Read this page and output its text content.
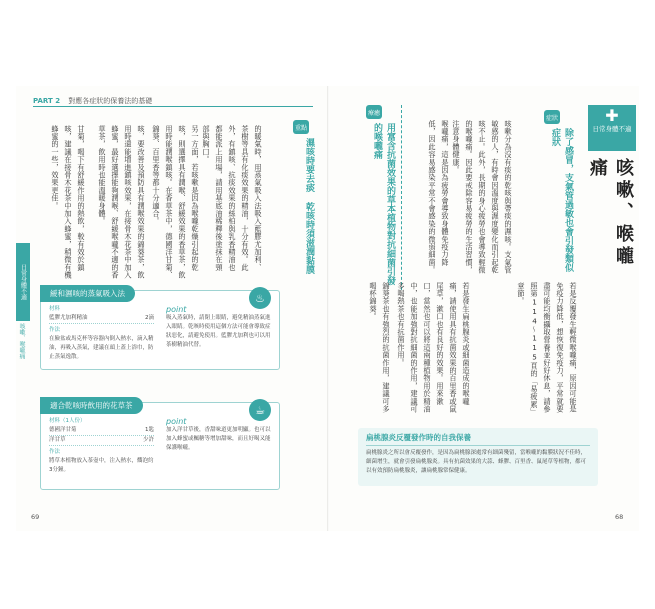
PART 2 對應各症狀的保養法的基礎
日常身體不適
咳嗽、喉嚨痛
的暖氣時，用蒸氣吸入法吸入藍膠尤加利、茶樹等具有化痰效果的精油，十分有效。此外，有鎮咳、抗痰效果的絲柏與乳香精油也都能派上用場，請用基底油稀釋後塗抹在頸部與胸口。	重點
濕咳時要去痰 乾咳時須滋潤黏膜
另一方面，若咳嗽是因為喉嚨乾燥引起的乾咳，則選擇具有潤喉、舒緩效果的香草茶，飲用時能潤喉鎮咳。在香草茶中，德國洋甘菊、錦葵、百里香等都十分適合。
咳，要改善及預防具有潤喉效果的錦葵茶，飲用時還能增進鎮咳效果，在接骨木花茶中加入蜂蜜，最好選擇能夠潤喉、舒緩喉嚨不適的香草茶，飲用時也能溫暖身體。
甘菊，喝下有舒緩作用的熱飲，較有效於鎮咳，建議在接骨木花茶中加入蜂蜜，稍微有機蜂蜜的一些，效果更佳。
緩和濕咳的蒸氣吸入法	♨
材料
藍膠尤加利精油	2滴
作法
在臉盆或馬克杯等容器內倒入熱水，滴入精油，再吸入蒸氣，建議在頭上蓋上浴巾，防止蒸氣逸散。
point
吸入蒸氣時，請閉上眼睛，避免精油蒸氣進入眼睛。乾咳時使用這個方法可能會導致症狀惡化，請避免使用。藍膠尤加利也可以用茶樹精油代替。
適合乾咳時飲用的花草茶	☕
材料（1人份）
德國洋甘菊	1匙
洋甘草	少許
作法
將草本植物放入茶壺中，注入熱水，燜泡約3分鐘。
point
加入洋甘草後，香甜味道更加明顯。也可以加入蜂蜜或楓糖等增加甜味，而且好喝又能保護喉嚨。
69
✚
日常身體不適
咳嗽、喉嚨痛
症狀
除了感冒，支氣管過敏也會引發類似症狀
咳嗽分為沒有痰的乾咳與帶痰的濕咳。支氣管敏感的人，有時會因溫度與濕度變化而引起乾咳不止。此外，長期的身心疲勞也會導致輕微的喉嚨痛。因此要戒除容易疲勞的生活習慣，注意身體健康。
喉嚨痛，這是因為疲勞會導致身體免疫力降低，因此容易感染平常不會感染的微弱細菌。
療癒
用富含抗菌效果的草本植物對抗細菌引發的喉嚨痛
若是反覆發生輕微喉嚨痛，原因可能是免疫力降低，想恢復免疫力，平常就要盡可能均衡攝取營養並好好休息，請參照第114～115頁的「易疲累」章節。
若是發生扁桃腺炎或細菌造成的喉嚨痛，請使用具有抗菌效果的百里香或鼠尾草，漱口也有良好的效果。用來漱口，當然也可以將這兩種植物用於精油中，也能加強對抗細菌的作用，建議可多喝熱茶也有抗菌作用。
錦葵茶也有強烈的抗菌作用，建議可多喝杯錦葵。
扁桃腺炎反覆發作時的自我保養
扁桃腺炎之所以會反覆發作，是因為扁桃腺深處常有細菌殘留，當喉嚨的黏膜狀況不佳時，細菌增生，就會引發扁桃腺炎。具有抗菌效果的大蒜、蜂膠、百里香、鼠尾草等植物，都可以有效預防扁桃腺炎，讓扁桃腺常保健康。
68
